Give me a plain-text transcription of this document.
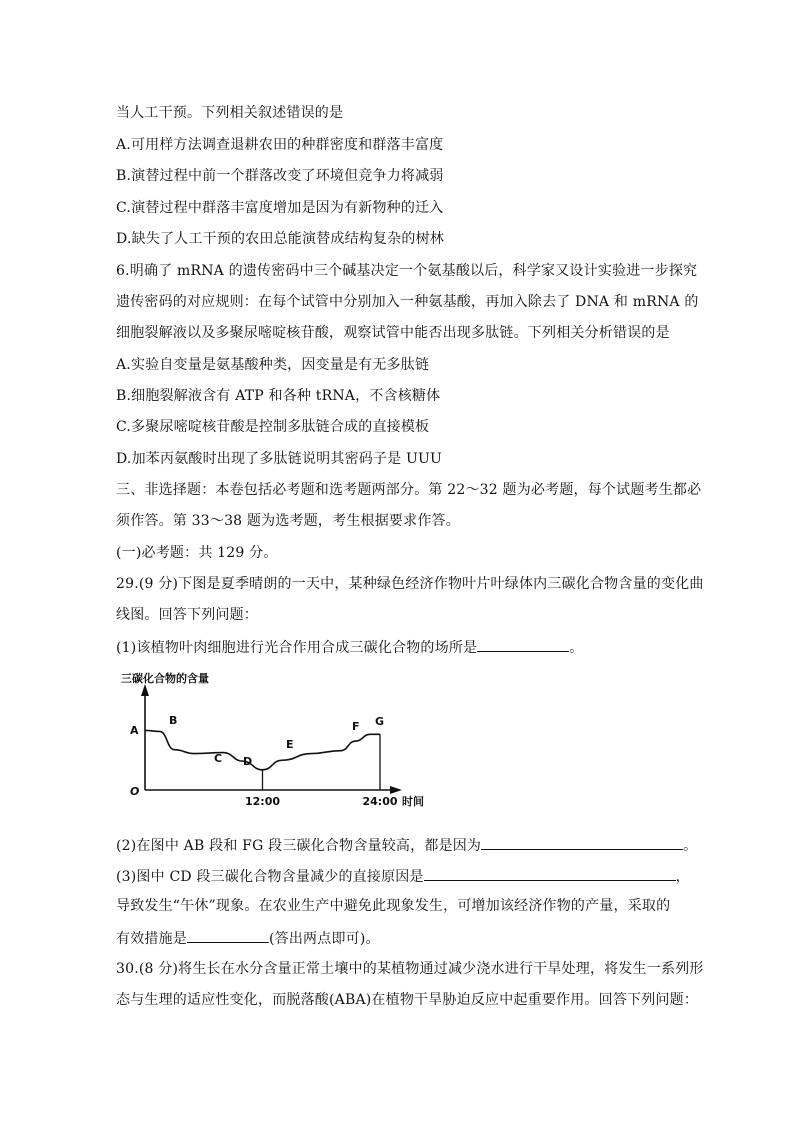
当人工干预。下列相关叙述错误的是
A.可用样方法调查退耕农田的种群密度和群落丰富度
B.演替过程中前一个群落改变了环境但竞争力将减弱
C.演替过程中群落丰富度增加是因为有新物种的迁入
D.缺失了人工干预的农田总能演替成结构复杂的树林
6.明确了 mRNA 的遗传密码中三个碱基决定一个氨基酸以后，科学家又设计实验进一步探究
遗传密码的对应规则：在每个试管中分别加入一种氨基酸，再加入除去了 DNA 和 mRNA 的
细胞裂解液以及多聚尿嘧啶核苷酸，观察试管中能否出现多肽链。下列相关分析错误的是
A.实验自变量是氨基酸种类，因变量是有无多肽链
B.细胞裂解液含有 ATP 和各种 tRNA，不含核糖体
C.多聚尿嘧啶核苷酸是控制多肽链合成的直接模板
D.加苯丙氨酸时出现了多肽链说明其密码子是 UUU
三、非选择题：本卷包括必考题和选考题两部分。第 22～32 题为必考题，每个试题考生都必
须作答。第 33～38 题为选考题，考生根据要求作答。
(一)必考题：共 129 分。
29.(9 分)下图是夏季晴朗的一天中，某种绿色经济作物叶片叶绿体内三碳化合物含量的变化曲
线图。回答下列问题：
(1)该植物叶肉细胞进行光合作用合成三碳化合物的场所是	。
三碳化合物的含量
O
12:00	24:00 时间
A
B
C D
E
F G
(2)在图中 AB 段和 FG 段三碳化合物含量较高，都是因为	。
(3)图中 CD 段三碳化合物含量减少的直接原因是	，
导致发生“午休”现象。在农业生产中避免此现象发生，可增加该经济作物的产量，采取的
有效措施是	(答出两点即可)。
30.(8 分)将生长在水分含量正常土壤中的某植物通过减少浇水进行干旱处理，将发生一系列形
态与生理的适应性变化，而脱落酸(ABA)在植物干旱胁迫反应中起重要作用。回答下列问题：
